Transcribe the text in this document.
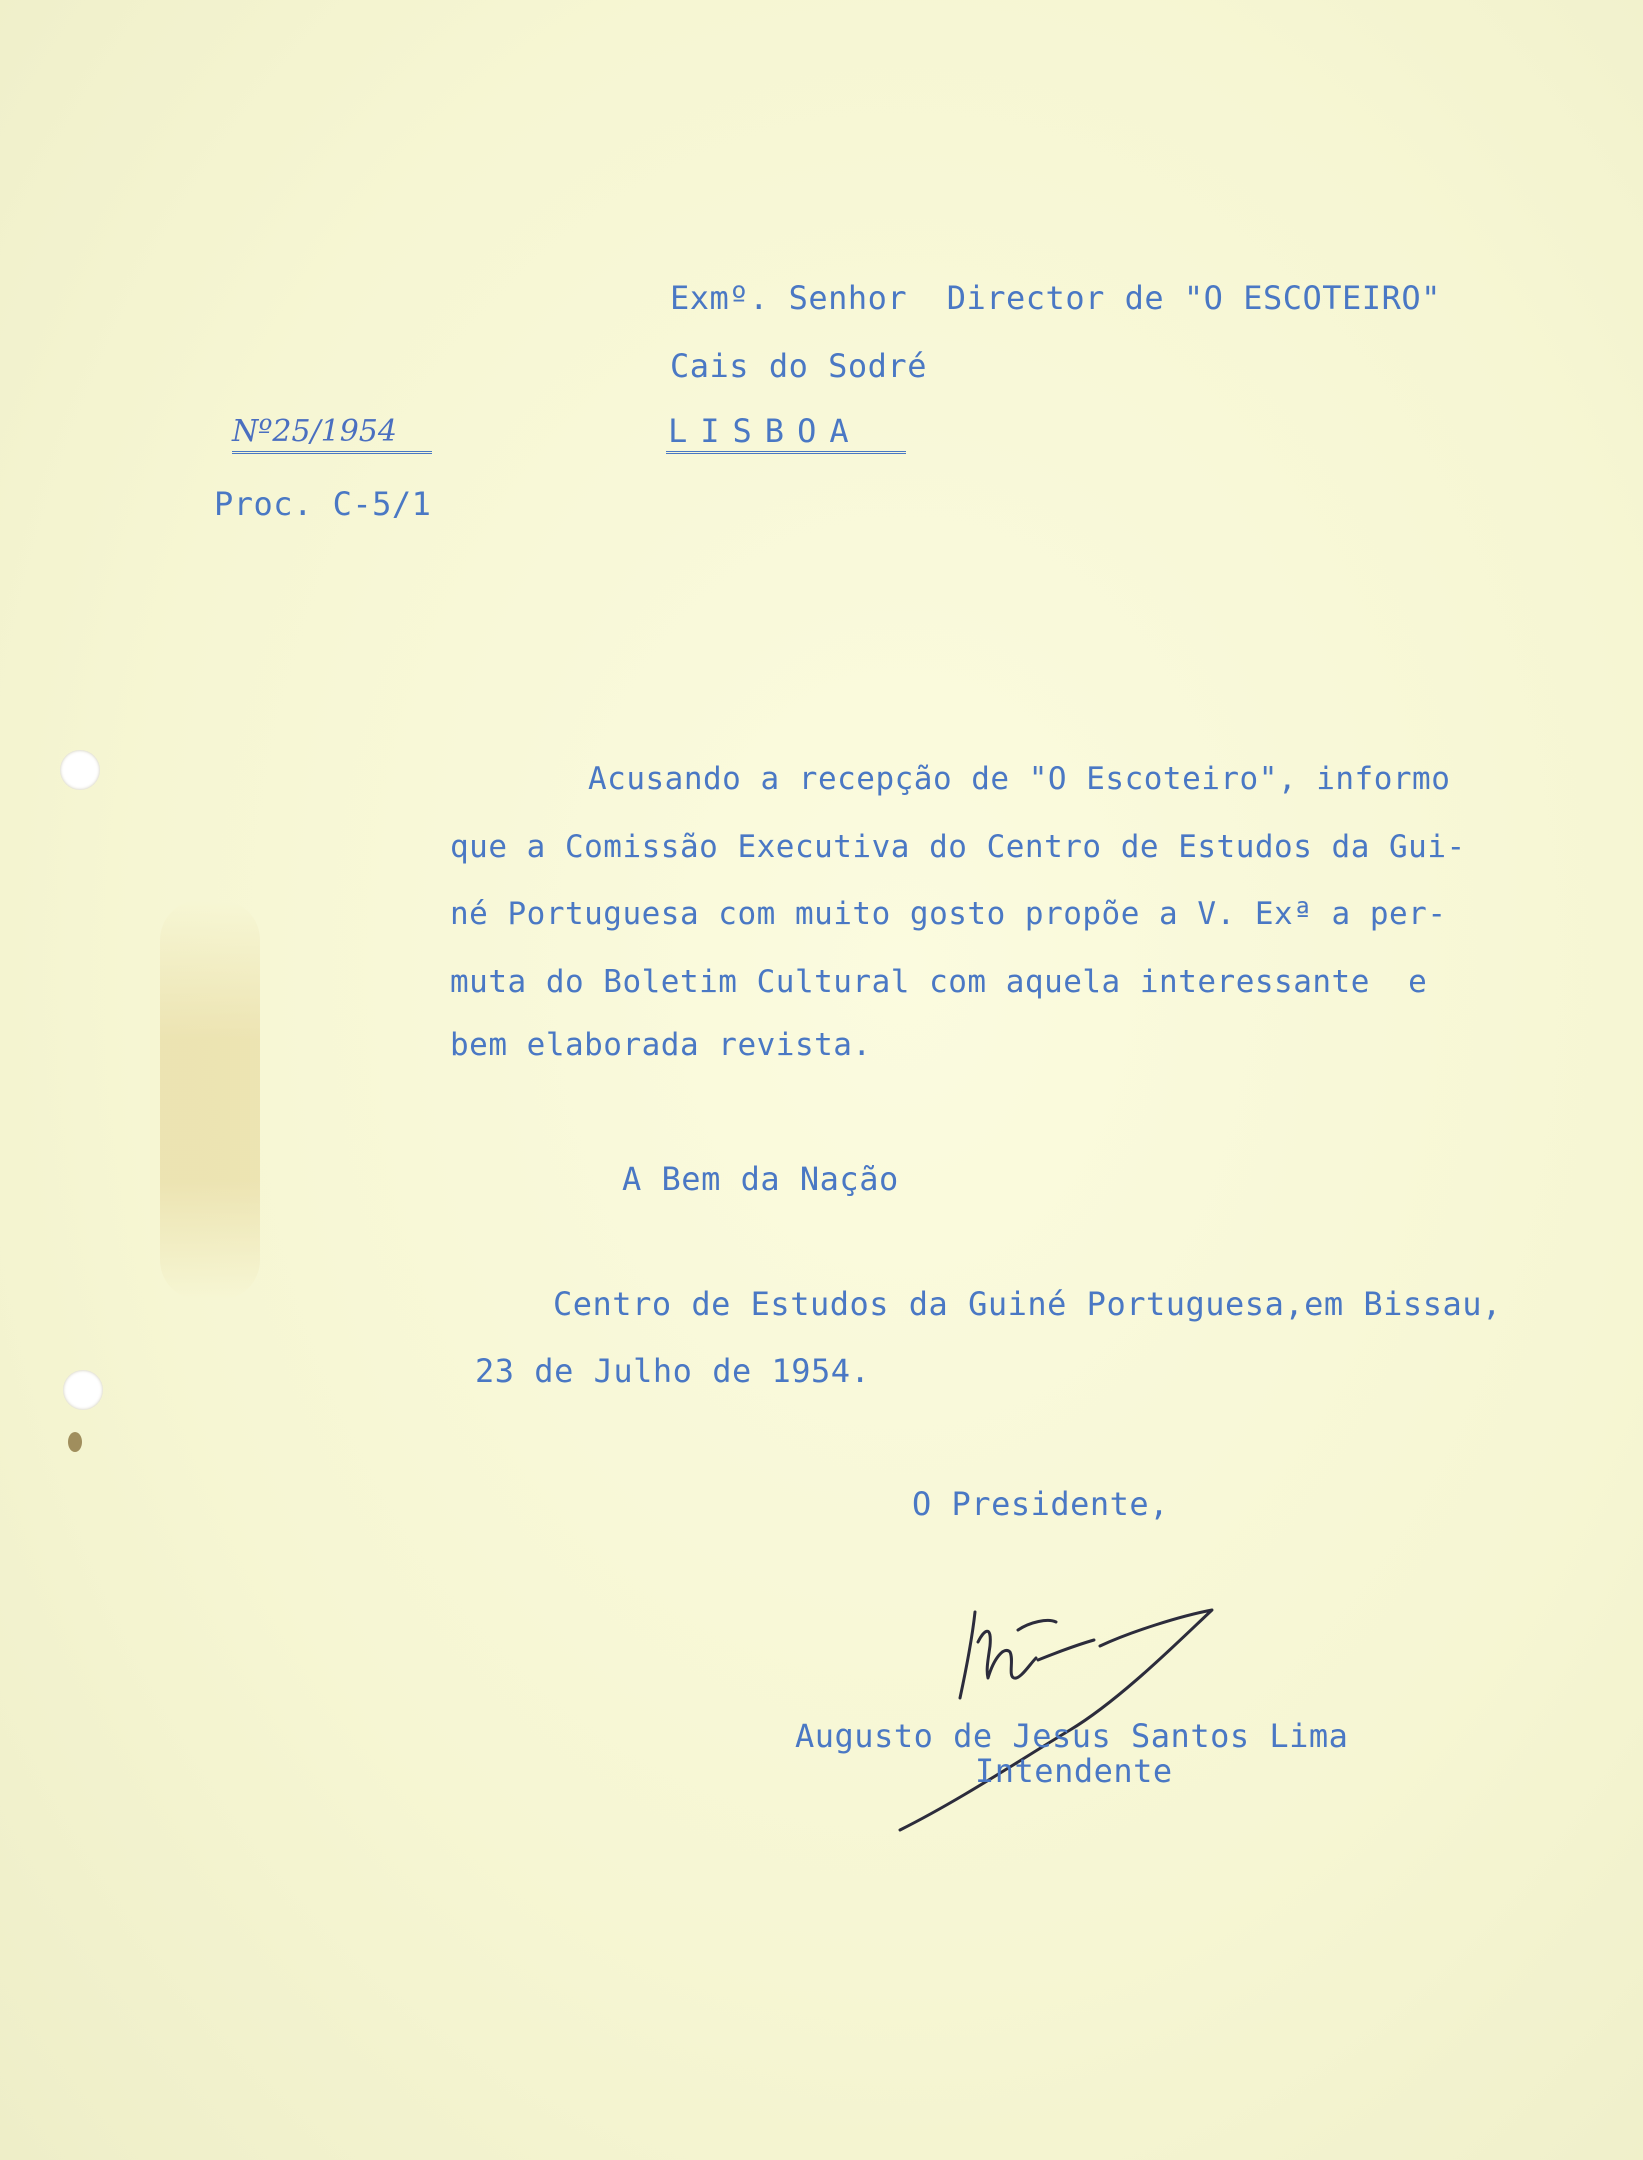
Exmº. Senhor  Director de "O ESCOTEIRO"
Cais do Sodré
LISBOA
Nº25/1954
Proc. C-5/1
Acusando a recepção de "O Escoteiro", informo
que a Comissão Executiva do Centro de Estudos da Gui-
né Portuguesa com muito gosto propõe a V. Exª a per-
muta do Boletim Cultural com aquela interessante  e
bem elaborada revista.
A Bem da Nação
Centro de Estudos da Guiné Portuguesa,em Bissau,
23 de Julho de 1954.
O Presidente,
Augusto de Jesus Santos Lima
Intendente
